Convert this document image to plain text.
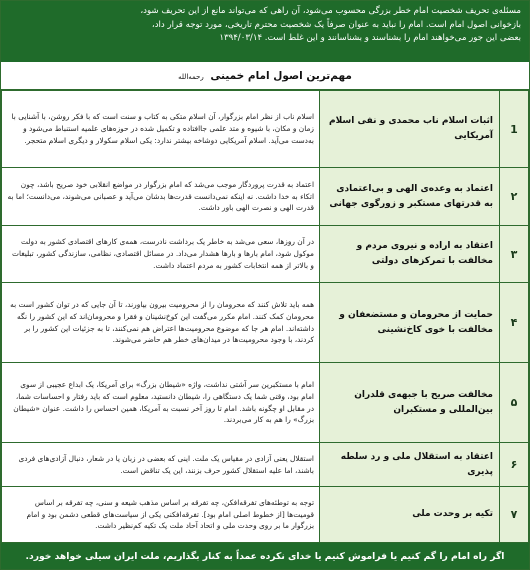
مسئله‌ی تحریف شخصیت امام خطر بزرگی محسوب می‌شود، آن راهی که می‌تواند مانع از این تحریف شود،
بازخوانی اصول امام است. امام را نباید به عنوان صرفاً یک شخصیت محترم تاریخی، مورد توجه قرار داد،
بعضی این جور می‌خواهند امام را بشناسند و بشناسانند و این غلط است. ۱۳۹۴/۰۳/۱۴
مهم‌ترین اصول امام خمینی رحمه‌الله
1	اثبات اسلام ناب محمدی و نفی اسلام آمریکایی	اسلام ناب از نظر امام بزرگوار، آن اسلام متکی به کتاب و سنت است که با فکر روشن، با آشنایی با زمان و مکان، با شیوه و متد علمی جاافتاده و تکمیل شده در حوزه‌های علمیه استنباط می‌شود و به‌دست می‌آید. اسلام آمریکایی دوشاخه بیشتر ندارد: یکی اسلام سکولار و دیگری اسلام متحجر.
۲	اعتماد به وعده‌ی الهی و بی‌اعتمادی به قدرتهای مستکبر و زورگوی جهانی	اعتماد به قدرت پروردگار موجب می‌شد که امام بزرگوار در مواضع انقلابی خود صریح باشد، چون اتکاء به خدا داشت. نه اینکه نمی‌دانست قدرت‌ها بدشان می‌آید و عصبانی می‌شوند، می‌دانست؛ اما به قدرت الهی و نصرت الهی باور داشت.
۳	اعتقاد به اراده و نیروی مردم و مخالفت با تمرکزهای دولتی	در آن روزها، سعی می‌شد به خاطر یک برداشت نادرست، همه‌ی کارهای اقتصادی کشور به دولت موکول شود، امام بارها و بارها هشدار می‌داد. در مسائل اقتصادی، نظامی، سازندگی کشور، تبلیغات و بالاتر از همه انتخابات کشور به مردم اعتماد داشت.
۴	حمایت از محرومان و مستضعفان و مخالفت با خوی کاخ‌نشینی	همه باید تلاش کنند که محرومان را از محرومیت بیرون بیاورند، تا آن جایی که در توان کشور است به محرومان کمک کنند. امام مکرر می‌گفت این کوخ‌نشینان و فقرا و محرومان‌اند که این کشور را نگه داشته‌اند. امام هر جا که موضوع محرومیت‌ها اعتراض هم نمی‌کنند، تا به جزئیات این کشور را بر کردند، با وجود محرومیت‌ها در میدان‌های خطر هم حاضر می‌شوند.
۵	مخالفت صریح با جبهه‌ی قلدران بین‌المللی و مستکبران	امام با مستکبرین سر آشتی نداشت، واژه «شیطان بزرگ» برای آمریکا، یک ابداع عجیبی از سوی امام بود، وقتی شما یک دستگاهی را، شیطان دانستید، معلوم است که باید رفتار و احساسات شما، در مقابل او چگونه باشد. امام تا روز آخر نسبت به آمریکا، همین احساس را داشت. عنوان «شیطان بزرگ» را هم به کار می‌بردند.
۶	اعتقاد به استقلال ملی و رد سلطه پذیری	استقلال یعنی آزادی در مقیاس یک ملت. اینی که بعضی در زبان یا در شعار، دنبال آزادی‌های فردی باشند، اما علیه استقلال کشور حرف بزنند، این یک تناقض است.
۷	تکیه بر وحدت ملی	توجه به توطئه‌های تفرقه‌افکن، چه تفرقه بر اساس مذهب شیعه و سنی، چه تفرقه بر اساس قومیت‌ها [از خطوط اصلی امام بود]. تفرقه‌افکنی یکی از سیاست‌های قطعی دشمن بود و امام بزرگوار ما بر روی وحدت ملی و اتحاد آحاد ملت یک تکیه کم‌نظیر داشت.
اگر راه امام را گم کنیم یا فراموش کنیم یا خدای نکرده عمداً به کنار بگذاریم، ملت ایران سیلی خواهد خورد.
